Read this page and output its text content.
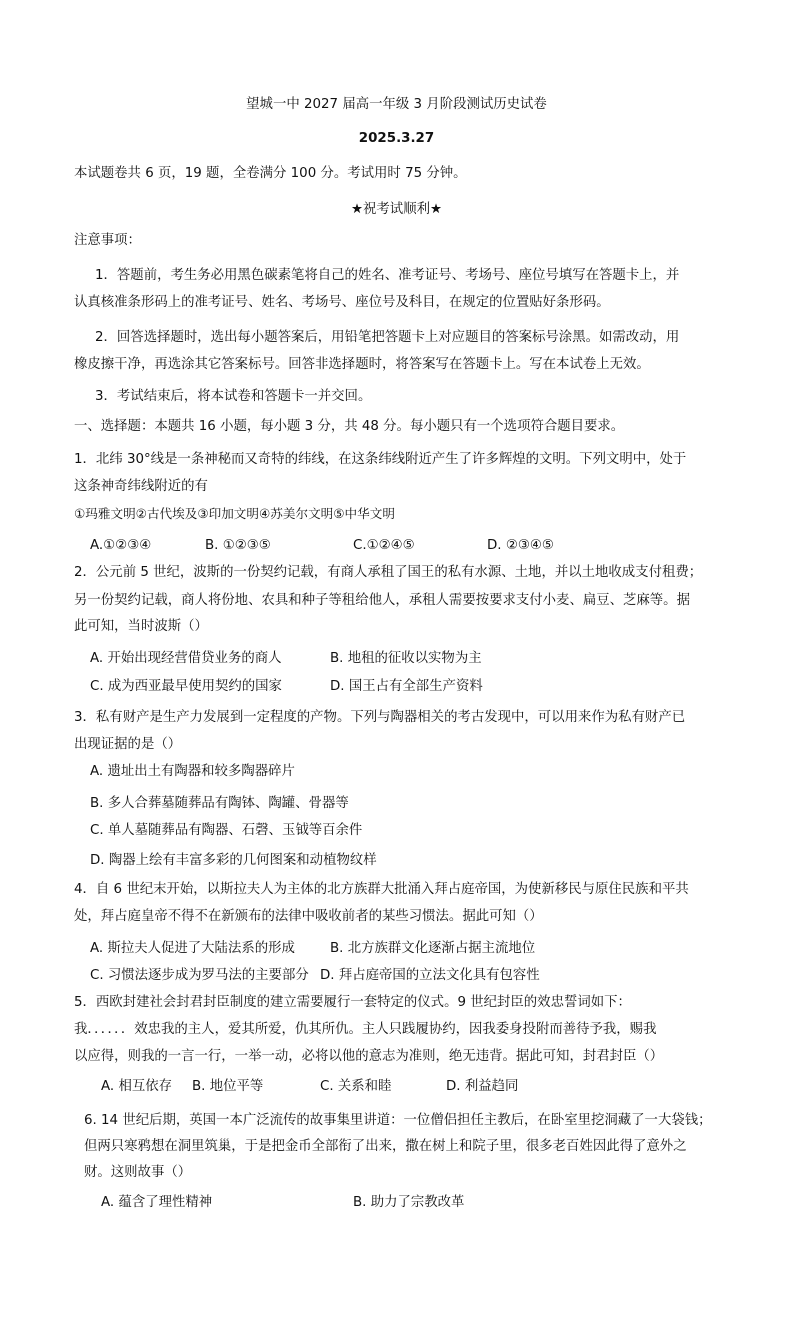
望城一中 2027 届高一年级 3 月阶段测试历史试卷
2025.3.27
本试题卷共 6 页，19 题，全卷满分 100 分。考试用时 75 分钟。
★祝考试顺利★
注意事项：
1．答题前，考生务必用黑色碳素笔将自己的姓名、准考证号、考场号、座位号填写在答题卡上，并
认真核准条形码上的准考证号、姓名、考场号、座位号及科目，在规定的位置贴好条形码。
2．回答选择题时，选出每小题答案后，用铅笔把答题卡上对应题目的答案标号涂黑。如需改动，用
橡皮擦干净，再选涂其它答案标号。回答非选择题时，将答案写在答题卡上。写在本试卷上无效。
3．考试结束后，将本试卷和答题卡一并交回。
一、选择题：本题共 16 小题，每小题 3 分，共 48 分。每小题只有一个选项符合题目要求。
1．北纬 30°线是一条神秘而又奇特的纬线，在这条纬线附近产生了许多辉煌的文明。下列文明中，处于
这条神奇纬线附近的有
①玛雅文明②古代埃及③印加文明④苏美尔文明⑤中华文明
A.①②③④	B. ①②③⑤	C.①②④⑤	D. ②③④⑤
2．公元前 5 世纪，波斯的一份契约记载，有商人承租了国王的私有水源、土地，并以土地收成支付租费；
另一份契约记载，商人将份地、农具和种子等租给他人，承租人需要按要求支付小麦、扁豆、芝麻等。据
此可知，当时波斯（）
A. 开始出现经营借贷业务的商人	B. 地租的征收以实物为主
C. 成为西亚最早使用契约的国家	D. 国王占有全部生产资料
3．私有财产是生产力发展到一定程度的产物。下列与陶器相关的考古发现中，可以用来作为私有财产已
出现证据的是（）
A. 遗址出土有陶器和较多陶器碎片
B. 多人合葬墓随葬品有陶钵、陶罐、骨器等
C. 单人墓随葬品有陶器、石磬、玉钺等百余件
D. 陶器上绘有丰富多彩的几何图案和动植物纹样
4．自 6 世纪末开始，以斯拉夫人为主体的北方族群大批涌入拜占庭帝国，为使新移民与原住民族和平共
处，拜占庭皇帝不得不在新颁布的法律中吸收前者的某些习惯法。据此可知（）
A. 斯拉夫人促进了大陆法系的形成	B. 北方族群文化逐渐占据主流地位
C. 习惯法逐步成为罗马法的主要部分 D. 拜占庭帝国的立法文化具有包容性
5．西欧封建社会封君封臣制度的建立需要履行一套特定的仪式。9 世纪封臣的效忠誓词如下：
我．．．．．．效忠我的主人，爱其所爱，仇其所仇。主人只践履协约，因我委身投附而善待予我，赐我
以应得，则我的一言一行，一举一动，必将以他的意志为准则，绝无违背。据此可知，封君封臣（）
A. 相互依存 B. 地位平等	C. 关系和睦	D. 利益趋同
6. 14 世纪后期，英国一本广泛流传的故事集里讲道：一位僧侣担任主教后，在卧室里挖洞藏了一大袋钱；
但两只寒鸦想在洞里筑巢，于是把金币全部衔了出来，撒在树上和院子里，很多老百姓因此得了意外之
财。这则故事（）
A. 蕴含了理性精神	B. 助力了宗教改革
